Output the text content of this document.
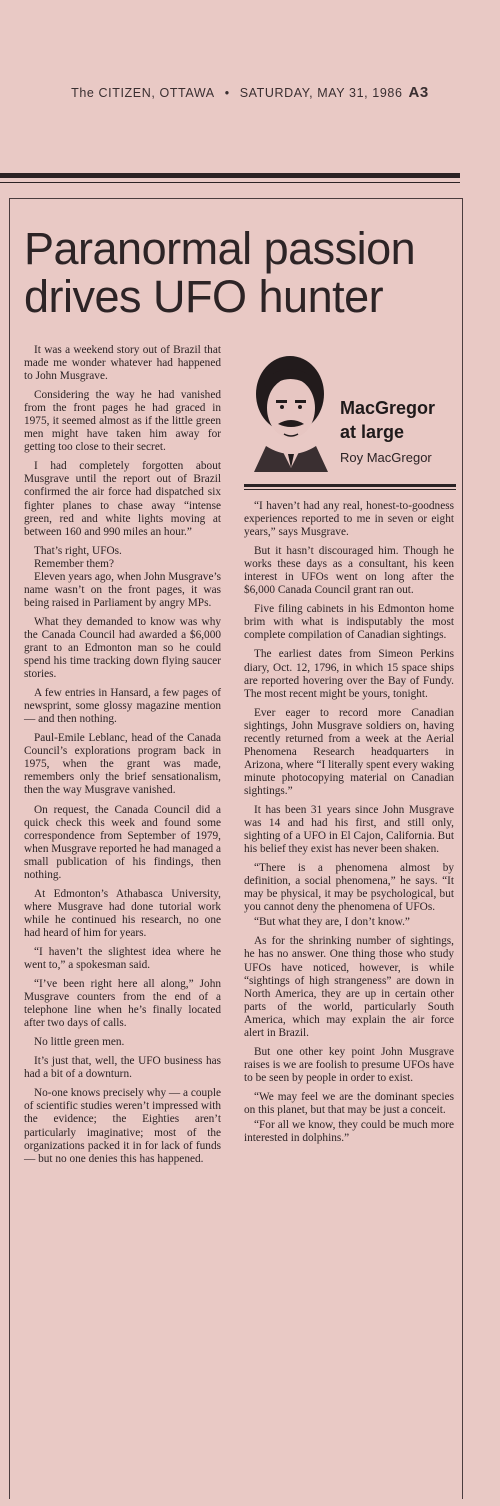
The CITIZEN, OTTAWA • SATURDAY, MAY 31, 1986 A3
Paranormal passion drives UFO hunter

It was a weekend story out of Brazil that made me wonder whatever had happened to John Musgrave.

Considering the way he had vanished from the front pages he had graced in 1975, it seemed almost as if the little green men might have taken him away for getting too close to their secret.

I had completely forgotten about Musgrave until the report out of Brazil confirmed the air force had dispatched six fighter planes to chase away “intense green, red and white lights moving at between 160 and 990 miles an hour.”

That’s right, UFOs.

Remember them?

Eleven years ago, when John Musgrave’s name wasn’t on the front pages, it was being raised in Parliament by angry MPs.

What they demanded to know was why the Canada Council had awarded a $6,000 grant to an Edmonton man so he could spend his time tracking down flying saucer stories.

A few entries in Hansard, a few pages of newsprint, some glossy magazine mention — and then nothing.

Paul-Emile Leblanc, head of the Canada Council’s explorations program back in 1975, when the grant was made, remembers only the brief sensationalism, then the way Musgrave vanished.

On request, the Canada Council did a quick check this week and found some correspondence from September of 1979, when Musgrave reported he had managed a small publication of his findings, then nothing.

At Edmonton’s Athabasca University, where Musgrave had done tutorial work while he continued his research, no one had heard of him for years.

“I haven’t the slightest idea where he went to,” a spokesman said.

“I’ve been right here all along,” John Musgrave counters from the end of a telephone line when he’s finally located after two days of calls.

No little green men.

It’s just that, well, the UFO business has had a bit of a downturn.

No-one knows precisely why — a couple of scientific studies weren’t impressed with the evidence; the Eighties aren’t particularly imaginative; most of the organizations packed it in for lack of funds — but no one denies this has happened.

MacGregor
at large
Roy MacGregor

“I haven’t had any real, honest-to-goodness experiences reported to me in seven or eight years,” says Musgrave.

But it hasn’t discouraged him. Though he works these days as a consultant, his keen interest in UFOs went on long after the $6,000 Canada Council grant ran out.

Five filing cabinets in his Edmonton home brim with what is indisputably the most complete compilation of Canadian sightings.

The earliest dates from Simeon Perkins diary, Oct. 12, 1796, in which 15 space ships are reported hovering over the Bay of Fundy. The most recent might be yours, tonight.

Ever eager to record more Canadian sightings, John Musgrave soldiers on, having recently returned from a week at the Aerial Phenomena Research headquarters in Arizona, where “I literally spent every waking minute photocopying material on Canadian sightings.”

It has been 31 years since John Musgrave was 14 and had his first, and still only, sighting of a UFO in El Cajon, California. But his belief they exist has never been shaken.

“There is a phenomena almost by definition, a social phenomena,” he says. “It may be physical, it may be psychological, but you cannot deny the phenomena of UFOs.

“But what they are, I don’t know.”

As for the shrinking number of sightings, he has no answer. One thing those who study UFOs have noticed, however, is while “sightings of high strangeness” are down in North America, they are up in certain other parts of the world, particularly South America, which may explain the air force alert in Brazil.

But one other key point John Musgrave raises is we are foolish to presume UFOs have to be seen by people in order to exist.

“We may feel we are the dominant species on this planet, but that may be just a conceit.

“For all we know, they could be much more interested in dolphins.”
